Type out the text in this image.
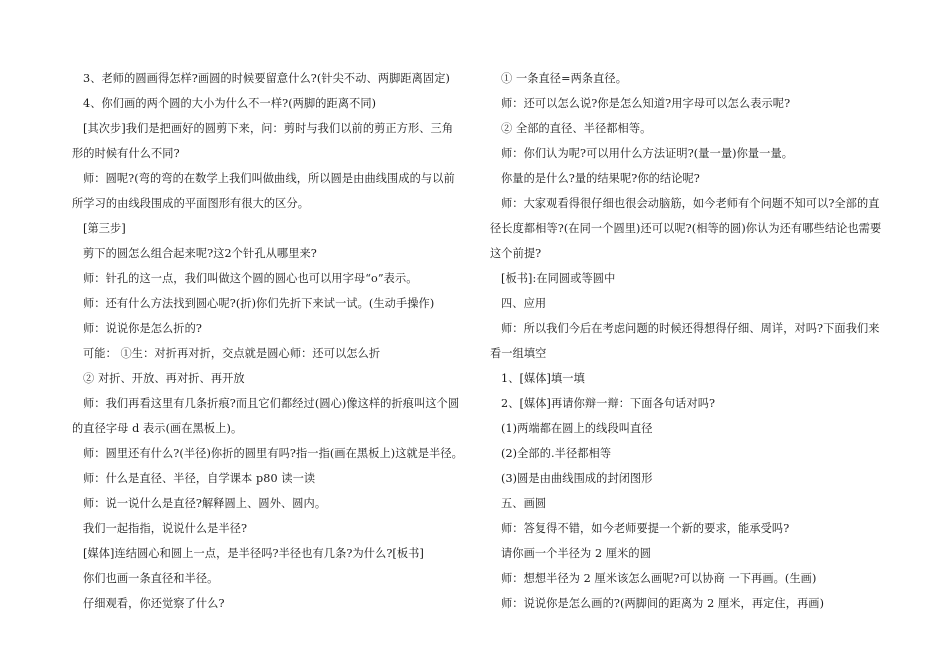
3、老师的圆画得怎样?画圆的时候要留意什么?(针尖不动、两脚距离固定)

4、你们画的两个圆的大小为什么不一样?(两脚的距离不同)

[其次步]我们是把画好的圆剪下来，问：剪时与我们以前的剪正方形、三角形的时候有什么不同?

师：圆呢?(弯的弯的在数学上我们叫做曲线，所以圆是由曲线围成的与以前所学习的由线段围成的平面图形有很大的区分。

[第三步]

剪下的圆怎么组合起来呢?这2个针孔从哪里来?

师：针孔的这一点，我们叫做这个圆的圆心也可以用字母“o”表示。

师：还有什么方法找到圆心呢?(折)你们先折下来试一试。(生动手操作)

师：说说你是怎么折的?

可能： ①生：对折再对折，交点就是圆心师：还可以怎么折

② 对折、开放、再对折、再开放

师：我们再看这里有几条折痕?而且它们都经过(圆心)像这样的折痕叫这个圆的直径字母 d 表示(画在黑板上)。

师：圆里还有什么?(半径)你折的圆里有吗?指一指(画在黑板上)这就是半径。

师：什么是直径、半径，自学课本 p80 读一读

师：说一说什么是直径?解释圆上、圆外、圆内。

我们一起指指，说说什么是半径?

[媒体]连结圆心和圆上一点，是半径吗?半径也有几条?为什么?[板书]

你们也画一条直径和半径。

仔细观看，你还觉察了什么?

① 一条直径=两条直径。

师：还可以怎么说?你是怎么知道?用字母可以怎么表示呢?

② 全部的直径、半径都相等。

师：你们认为呢?可以用什么方法证明?(量一量)你量一量。

你量的是什么?量的结果呢?你的结论呢?

师：大家观看得很仔细也很会动脑筋，如今老师有个问题不知可以?全部的直径长度都相等?(在同一个圆里)还可以呢?(相等的圆)你认为还有哪些结论也需要这个前提?

[板书]:在同圆或等圆中

四、应用

师：所以我们今后在考虑问题的时候还得想得仔细、周详，对吗?下面我们来看一组填空

1、[媒体]填一填

2、[媒体]再请你辩一辩：下面各句话对吗?

(1)两端都在圆上的线段叫直径

(2)全部的.半径都相等

(3)圆是由曲线围成的封闭图形

五、画圆

师：答复得不错，如今老师要提一个新的要求，能承受吗?

请你画一个半径为 2 厘米的圆

师：想想半径为 2 厘米该怎么画呢?可以协商 一下再画。(生画)

师：说说你是怎么画的?(两脚间的距离为 2 厘米，再定住，再画)
